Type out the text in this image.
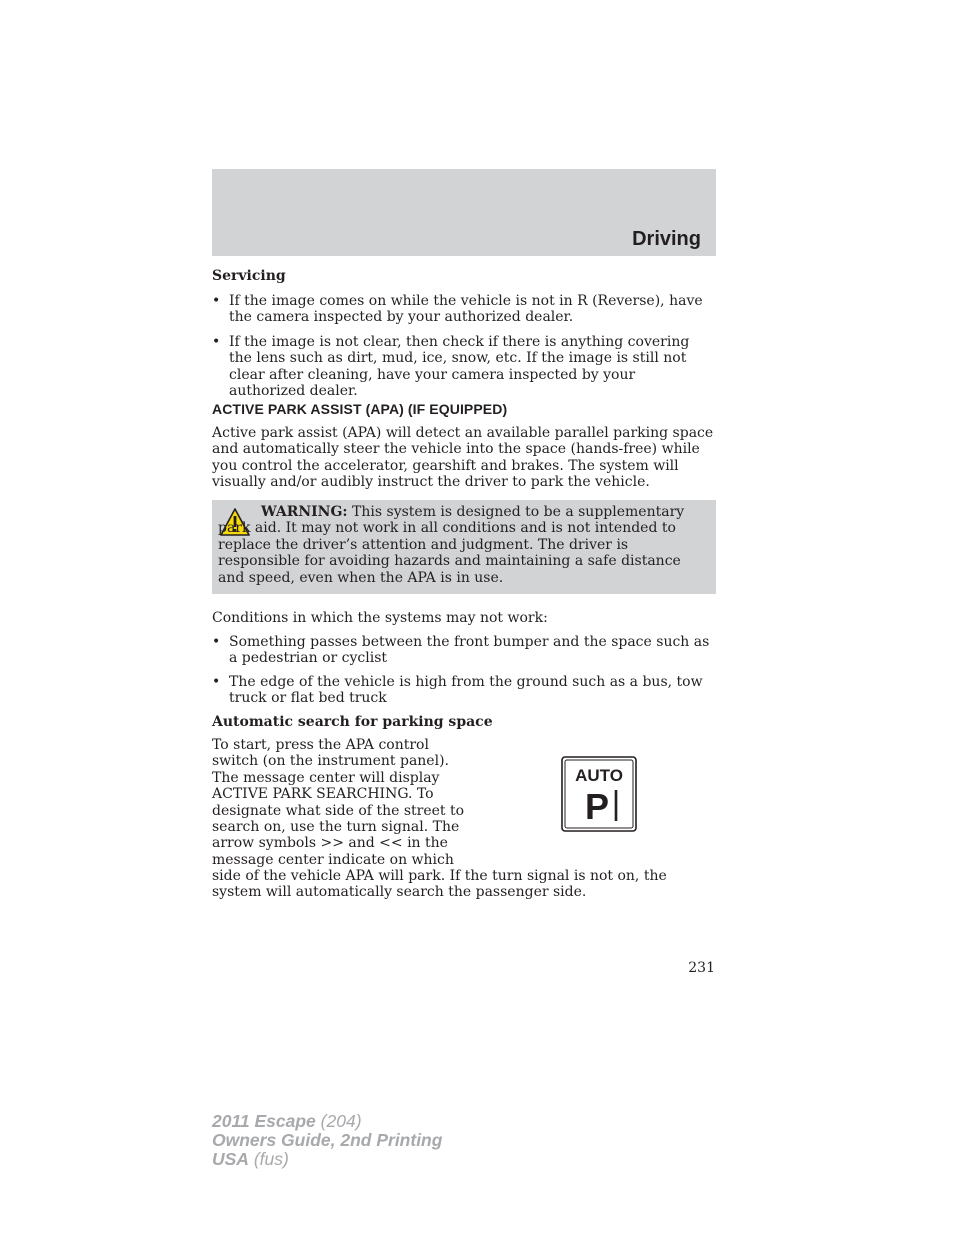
Driving
Servicing
• If the image comes on while the vehicle is not in R (Reverse), have the camera inspected by your authorized dealer.
• If the image is not clear, then check if there is anything covering the lens such as dirt, mud, ice, snow, etc. If the image is still not clear after cleaning, have your camera inspected by your authorized dealer.
ACTIVE PARK ASSIST (APA) (IF EQUIPPED)
Active park assist (APA) will detect an available parallel parking space and automatically steer the vehicle into the space (hands-free) while you control the accelerator, gearshift and brakes. The system will visually and/or audibly instruct the driver to park the vehicle.
WARNING: This system is designed to be a supplementary park aid. It may not work in all conditions and is not intended to replace the driver’s attention and judgment. The driver is responsible for avoiding hazards and maintaining a safe distance and speed, even when the APA is in use.
Conditions in which the systems may not work:
• Something passes between the front bumper and the space such as a pedestrian or cyclist
• The edge of the vehicle is high from the ground such as a bus, tow truck or flat bed truck
Automatic search for parking space
To start, press the APA control
switch (on the instrument panel).
The message center will display
ACTIVE PARK SEARCHING. To
designate what side of the street to
search on, use the turn signal. The
arrow symbols >> and << in the
message center indicate on which
side of the vehicle APA will park. If the turn signal is not on, the system will automatically search the passenger side.
AUTO
P
231
2011 Escape (204)
Owners Guide, 2nd Printing
USA (fus)
